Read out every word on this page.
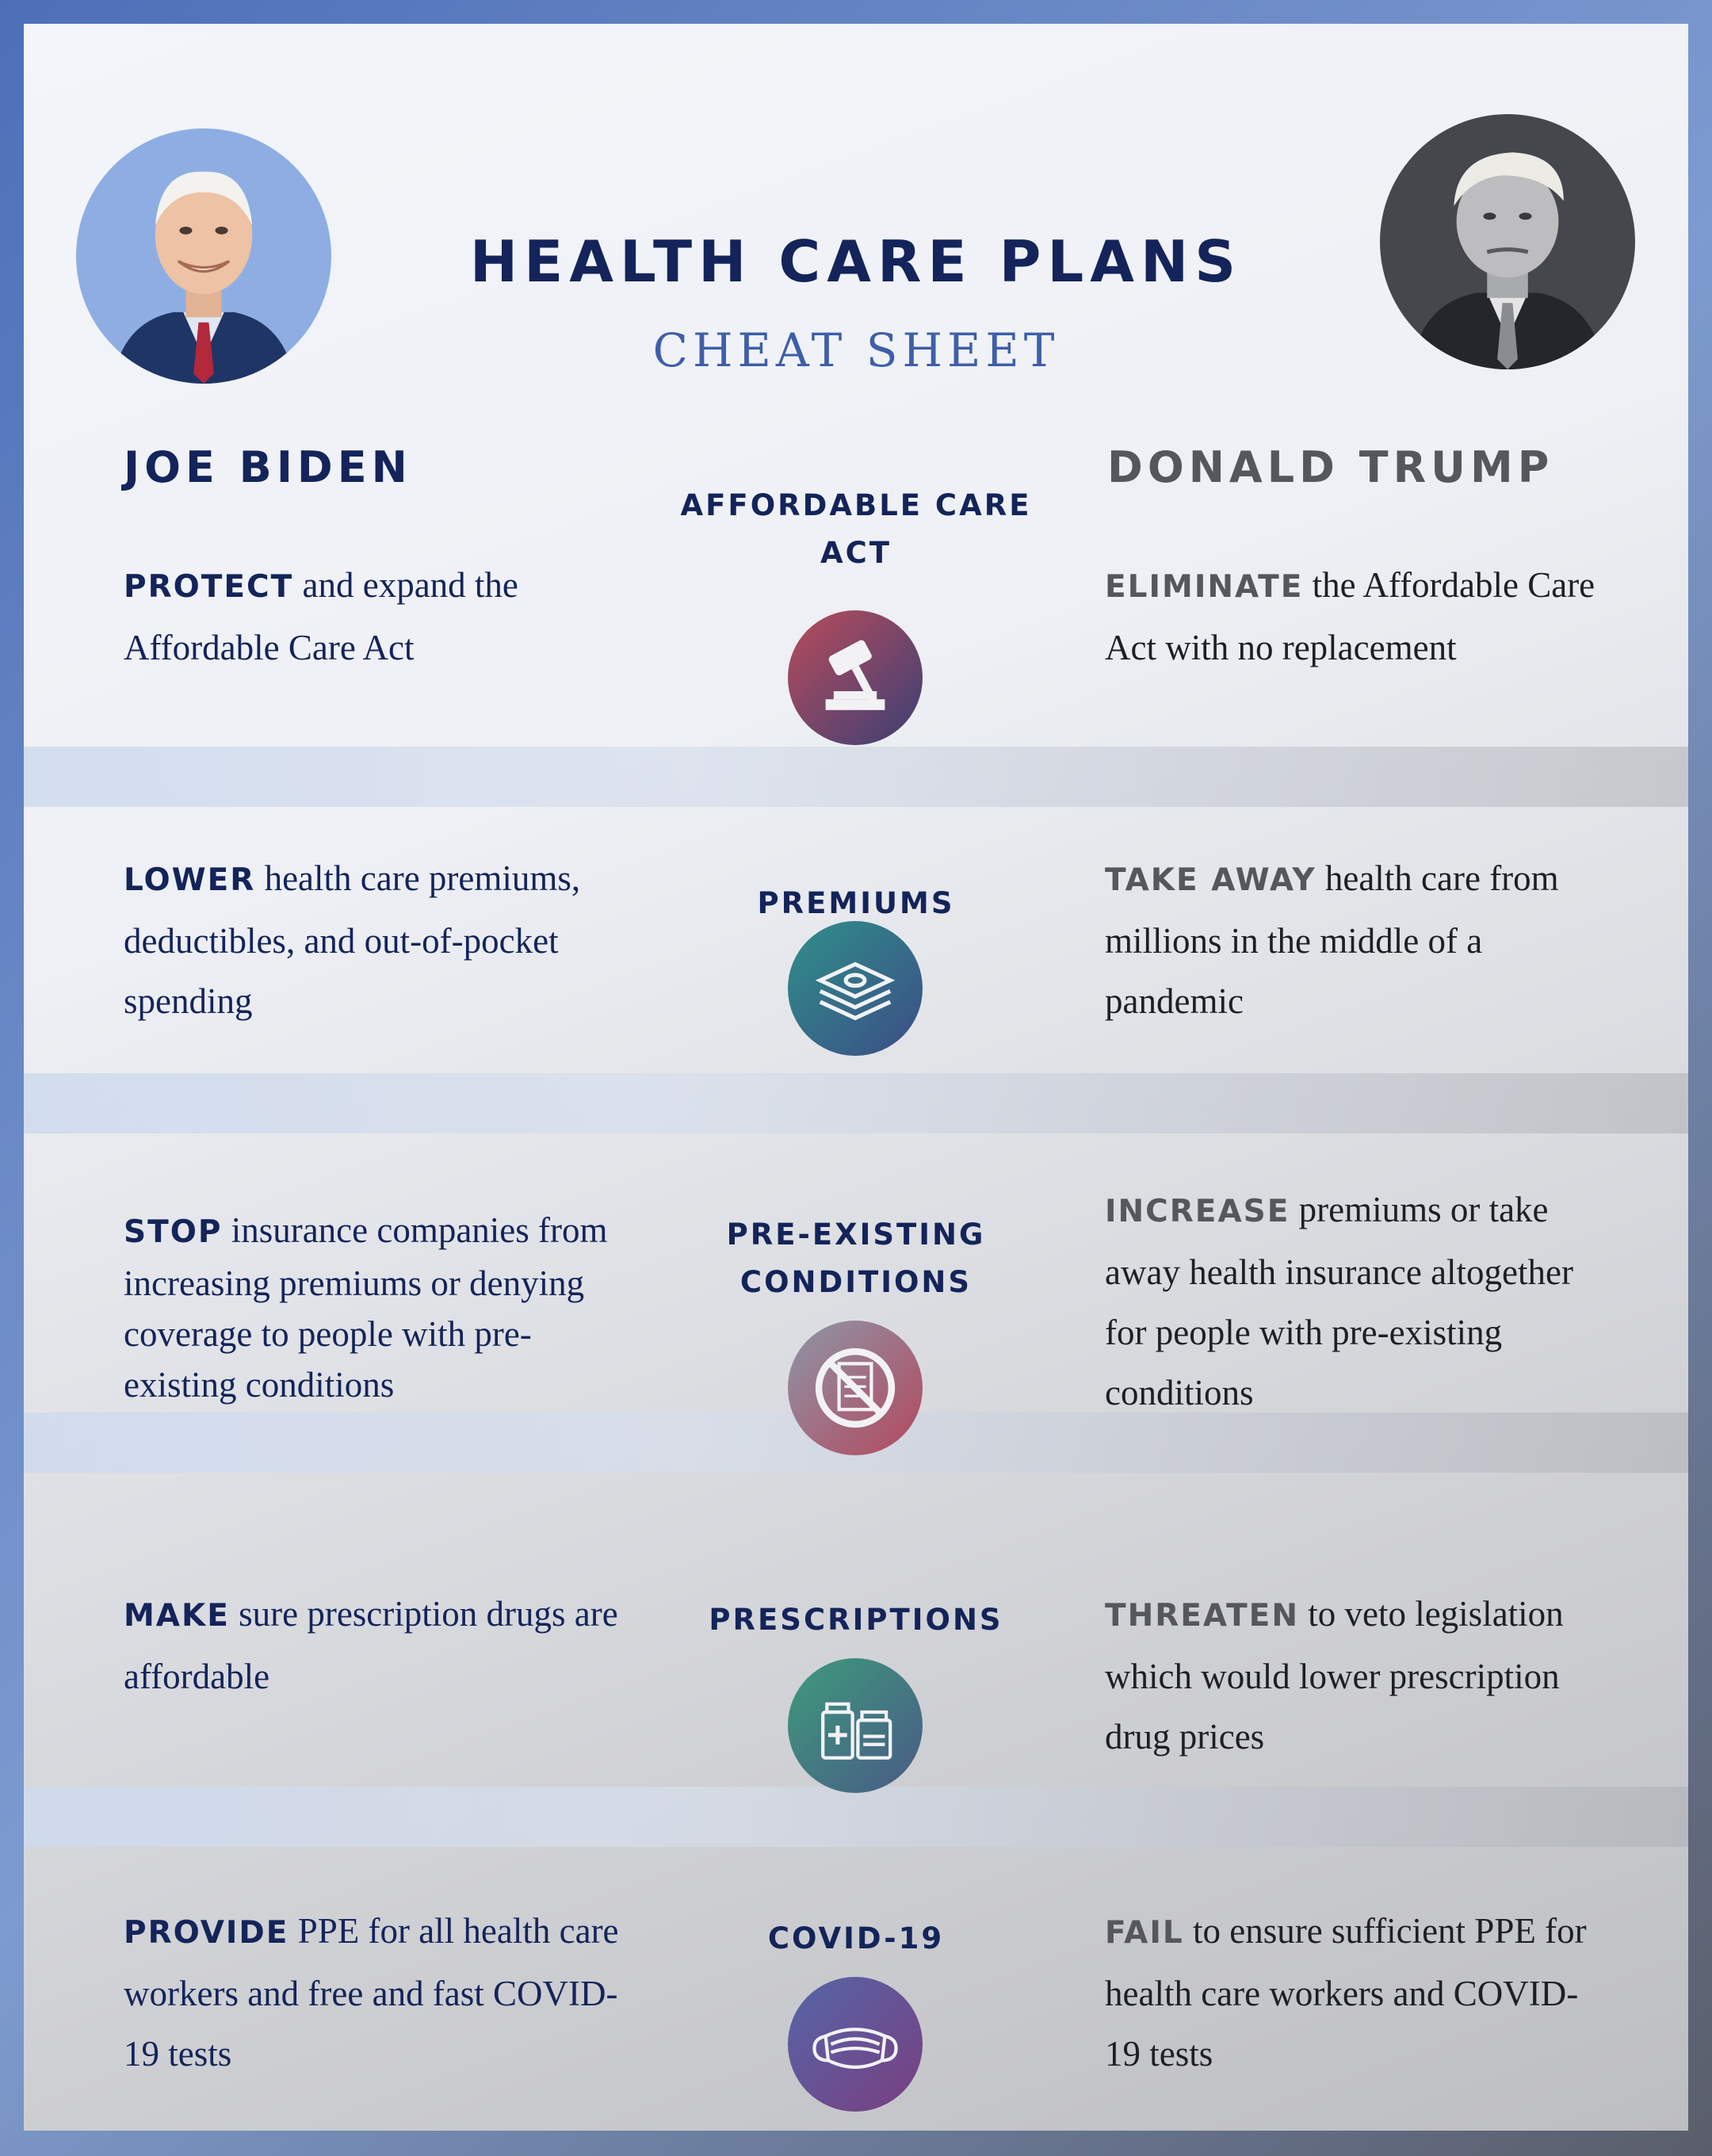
HEALTH CARE PLANS
CHEAT SHEET
JOE BIDEN	DONALD TRUMP
AFFORDABLE CARE ACT
PROTECT and expand the Affordable Care Act
ELIMINATE the Affordable Care Act with no replacement
PREMIUMS
LOWER health care premiums, deductibles, and out-of-pocket spending
TAKE AWAY health care from millions in the middle of a pandemic
PRE-EXISTING CONDITIONS
STOP insurance companies from increasing premiums or denying coverage to people with pre-existing conditions
INCREASE premiums or take away health insurance altogether for people with pre-existing conditions
PRESCRIPTIONS
MAKE sure prescription drugs are affordable
THREATEN to veto legislation which would lower prescription drug prices
COVID-19
PROVIDE PPE for all health care workers and free and fast COVID-19 tests
FAIL to ensure sufficient PPE for health care workers and COVID-19 tests
